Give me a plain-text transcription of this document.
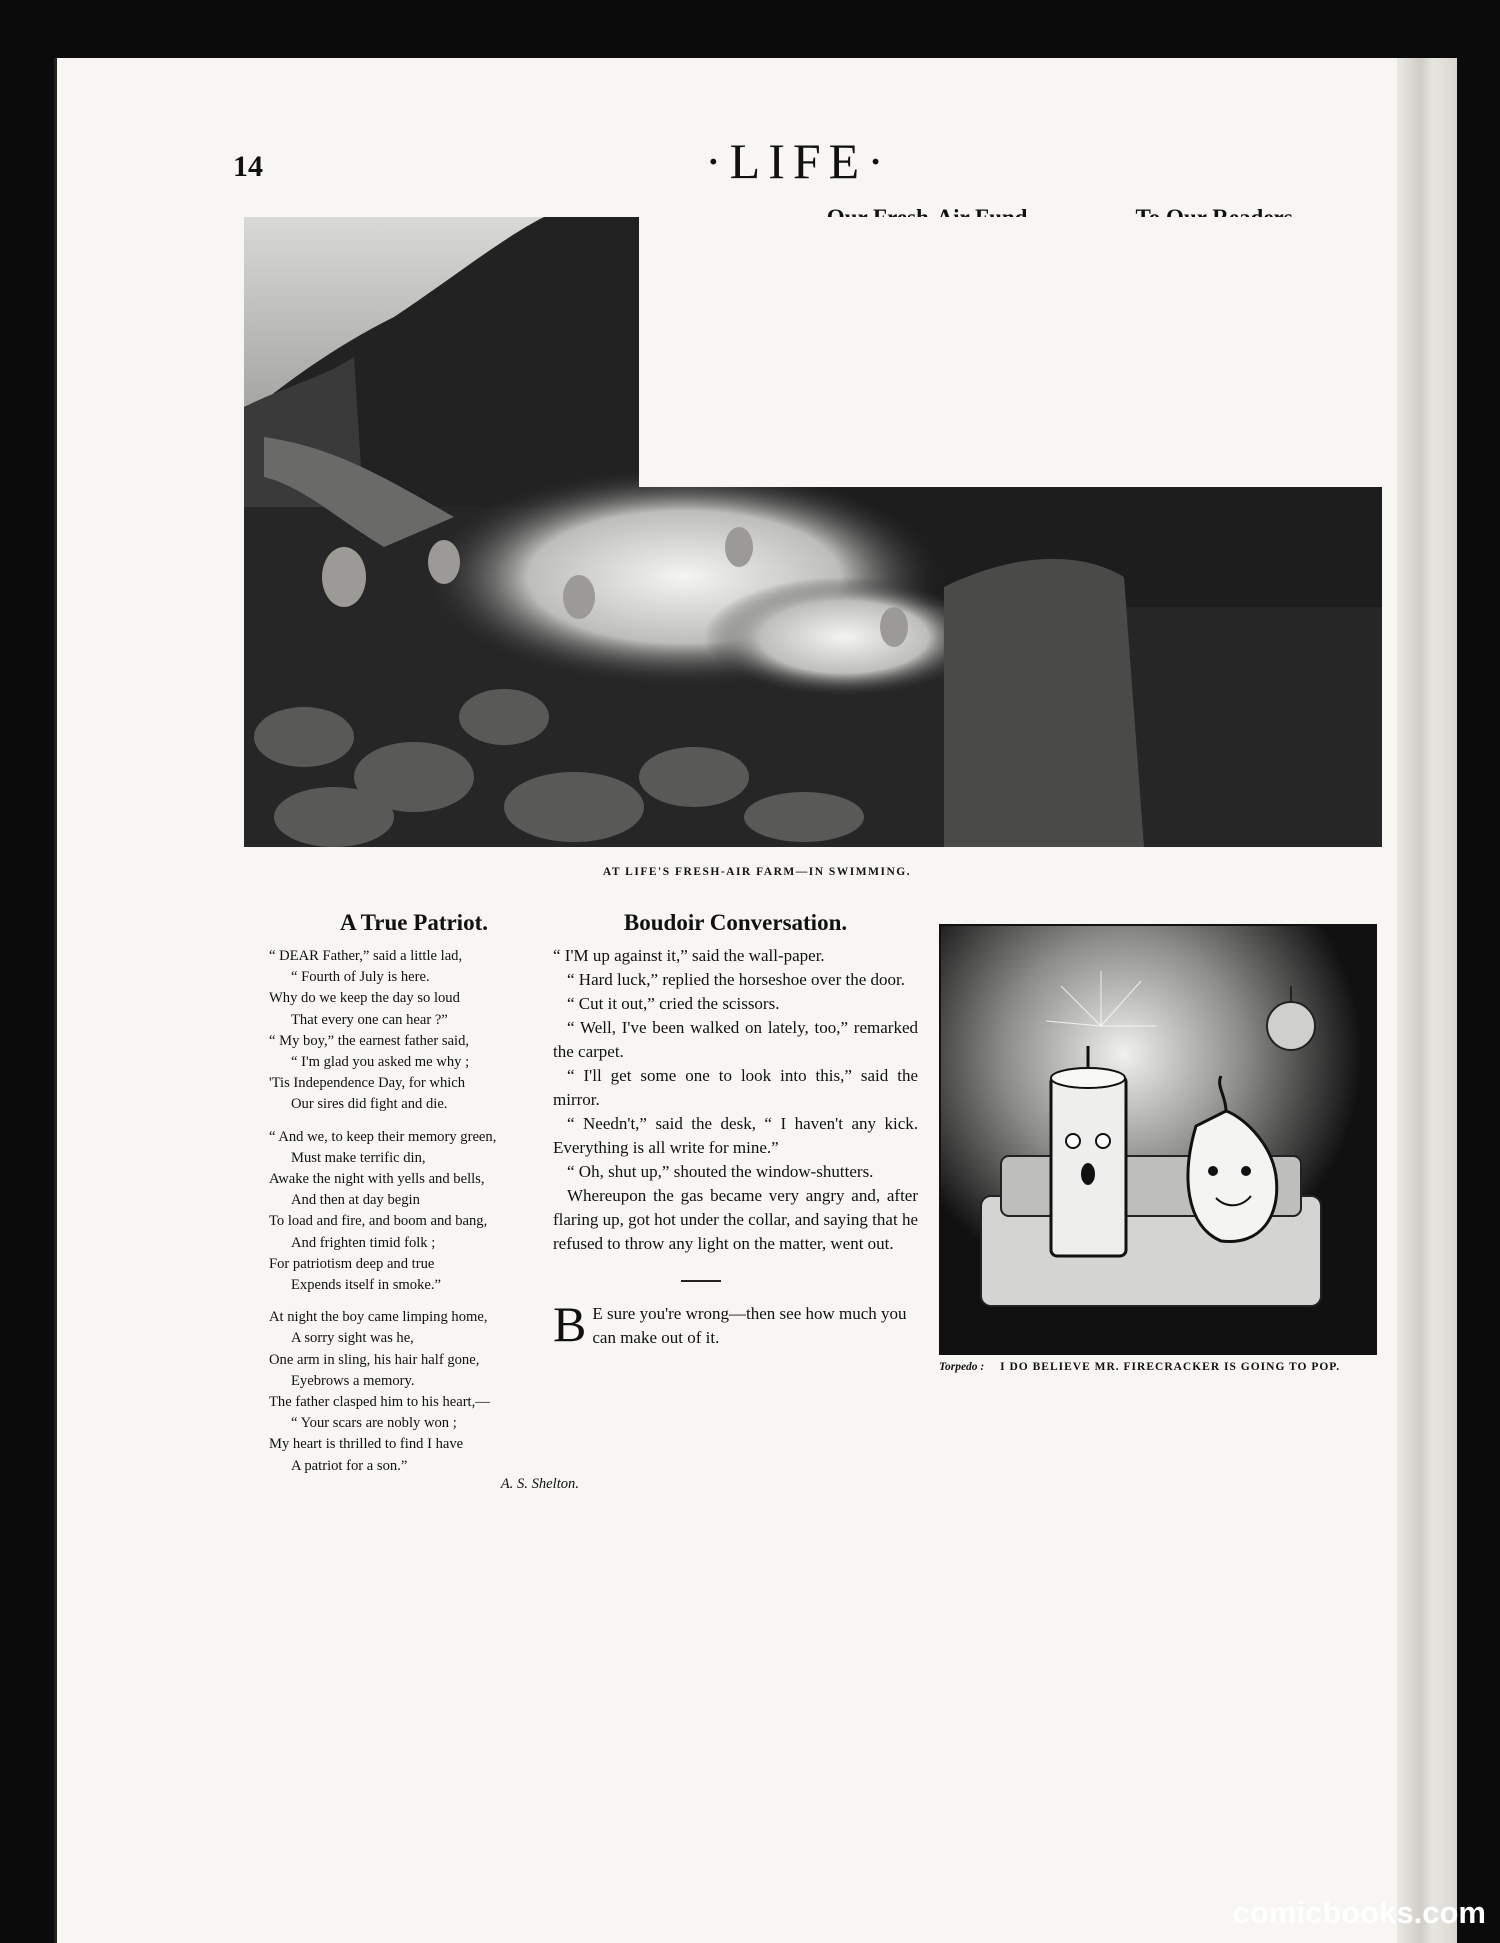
14	·LIFE·
AT LIFE'S FRESH-AIR FARM—IN SWIMMING.
A True Patriot.
“ DEAR Father,” said a little lad,
“ Fourth of July is here.
Why do we keep the day so loud
That every one can hear ?”
“ My boy,” the earnest father said,
“ I'm glad you asked me why ;
'Tis Independence Day, for which
Our sires did fight and die.
“ And we, to keep their memory green,
Must make terrific din,
Awake the night with yells and bells,
And then at day begin
To load and fire, and boom and bang,
And frighten timid folk ;
For patriotism deep and true
Expends itself in smoke.”
At night the boy came limping home,
A sorry sight was he,
One arm in sling, his hair half gone,
Eyebrows a memory.
The father clasped him to his heart,—
“ Your scars are nobly won ;
My heart is thrilled to find I have
A patriot for a son.”
A. S. Shelton.
Boudoir Conversation.
“ I'M up against it,” said the wall-paper.
“ Hard luck,” replied the horseshoe over the door.
“ Cut it out,” cried the scissors.
“ Well, I've been walked on lately, too,” remarked the carpet.
“ I'll get some one to look into this,” said the mirror.
“ Needn't,” said the desk, “ I haven't any kick. Everything is all write for mine.”
“ Oh, shut up,” shouted the window-shutters.
Whereupon the gas became very angry and, after flaring up, got hot under the collar, and saying that he refused to throw any light on the matter, went out.
B E sure you're wrong—then see how much you can make out of it.
Torpedo : I DO BELIEVE MR. FIRECRACKER IS GOING TO POP.
comicbooks.com
